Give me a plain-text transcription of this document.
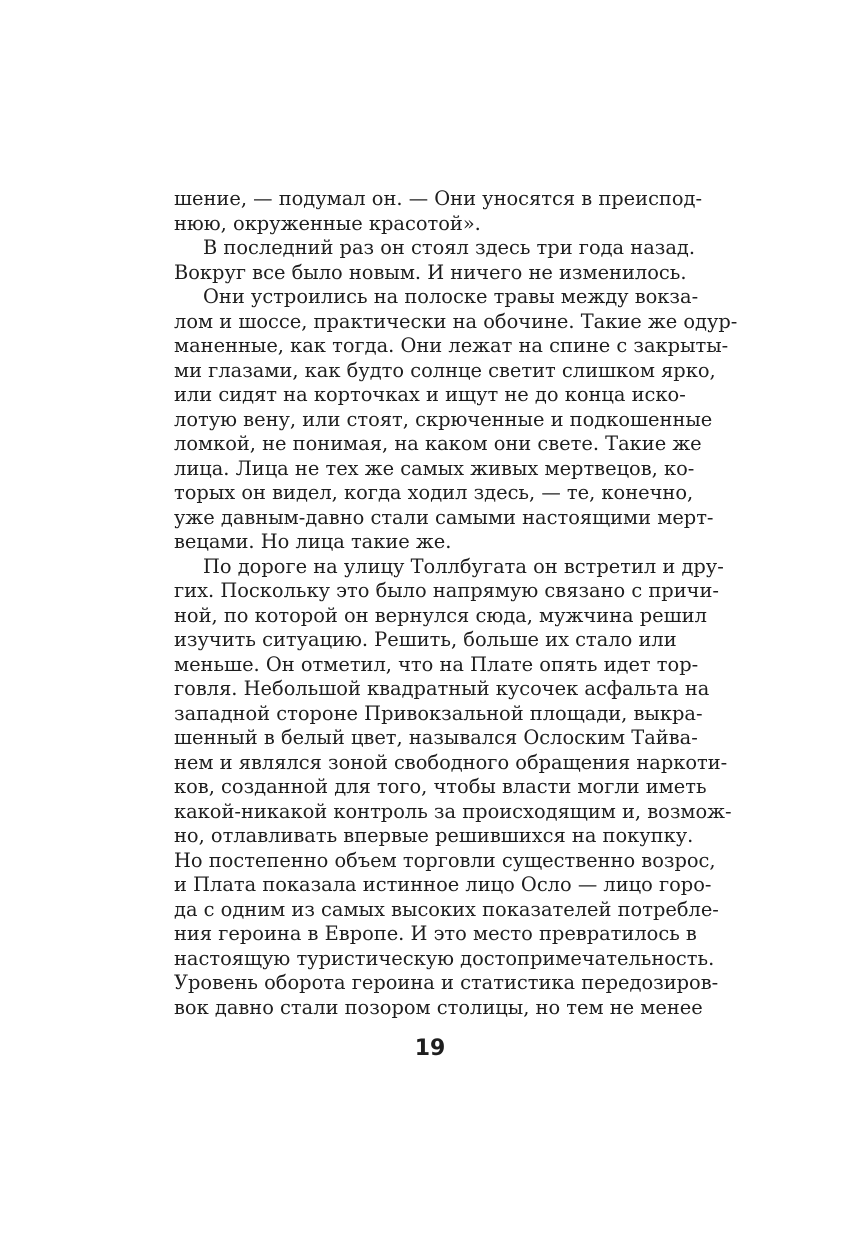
шение, — подумал он. — Они уносятся в преиспод-
нюю, окруженные красотой».
В последний раз он стоял здесь три года назад.
Вокруг все было новым. И ничего не изменилось.
Они устроились на полоске травы между вокза-
лом и шоссе, практически на обочине. Такие же одур-
маненные, как тогда. Они лежат на спине с закрыты-
ми глазами, как будто солнце светит слишком ярко,
или сидят на корточках и ищут не до конца иско-
лотую вену, или стоят, скрюченные и подкошенные
ломкой, не понимая, на каком они свете. Такие же
лица. Лица не тех же самых живых мертвецов, ко-
торых он видел, когда ходил здесь, — те, конечно,
уже давным-давно стали самыми настоящими мерт-
вецами. Но лица такие же.
По дороге на улицу Толлбугата он встретил и дру-
гих. Поскольку это было напрямую связано с причи-
ной, по которой он вернулся сюда, мужчина решил
изучить ситуацию. Решить, больше их стало или
меньше. Он отметил, что на Плате опять идет тор-
говля. Небольшой квадратный кусочек асфальта на
западной стороне Привокзальной площади, выкра-
шенный в белый цвет, назывался Ослоским Тайва-
нем и являлся зоной свободного обращения наркоти-
ков, созданной для того, чтобы власти могли иметь
какой-никакой контроль за происходящим и, возмож-
но, отлавливать впервые решившихся на покупку.
Но постепенно объем торговли существенно возрос,
и Плата показала истинное лицо Осло — лицо горо-
да с одним из самых высоких показателей потребле-
ния героина в Европе. И это место превратилось в
настоящую туристическую достопримечательность.
Уровень оборота героина и статистика передозиров-
вок давно стали позором столицы, но тем не менее
19
